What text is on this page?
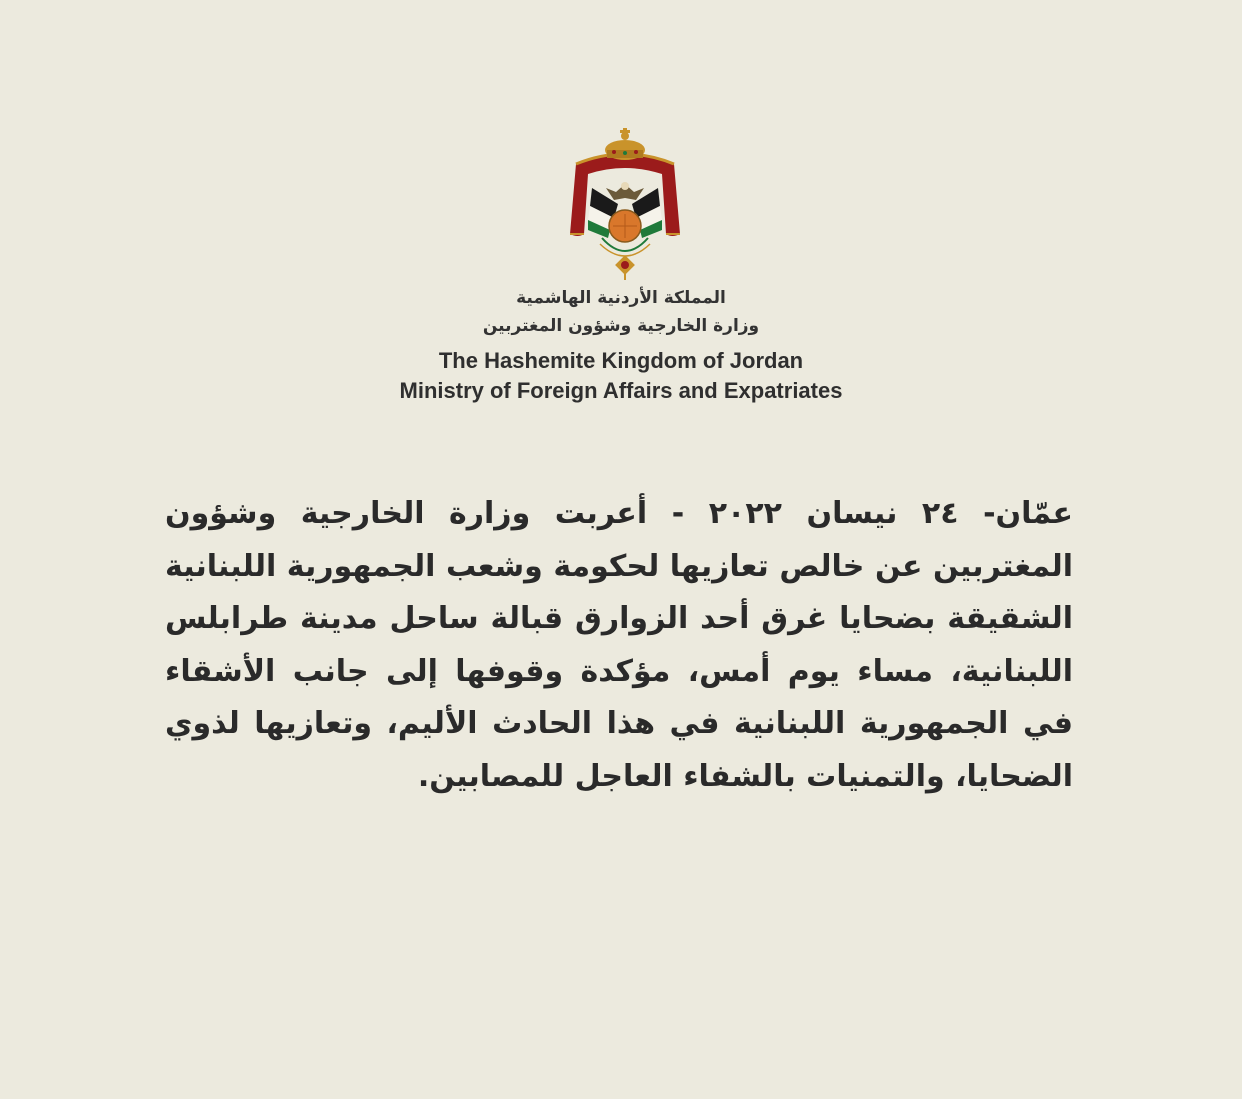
المملكة الأردنية الهاشمية
وزارة الخارجية وشؤون المغتربين
The Hashemite Kingdom of Jordan
Ministry of Foreign Affairs and Expatriates

عمّان- ٢٤ نيسان ٢٠٢٢ - أعربت وزارة الخارجية وشؤون المغتربين عن خالص تعازيها لحكومة وشعب الجمهورية اللبنانية الشقيقة بضحايا غرق أحد الزوارق قبالة ساحل مدينة طرابلس اللبنانية، مساء يوم أمس، مؤكدة وقوفها إلى جانب الأشقاء في الجمهورية اللبنانية في هذا الحادث الأليم، وتعازيها لذوي الضحايا، والتمنيات بالشفاء العاجل للمصابين.
